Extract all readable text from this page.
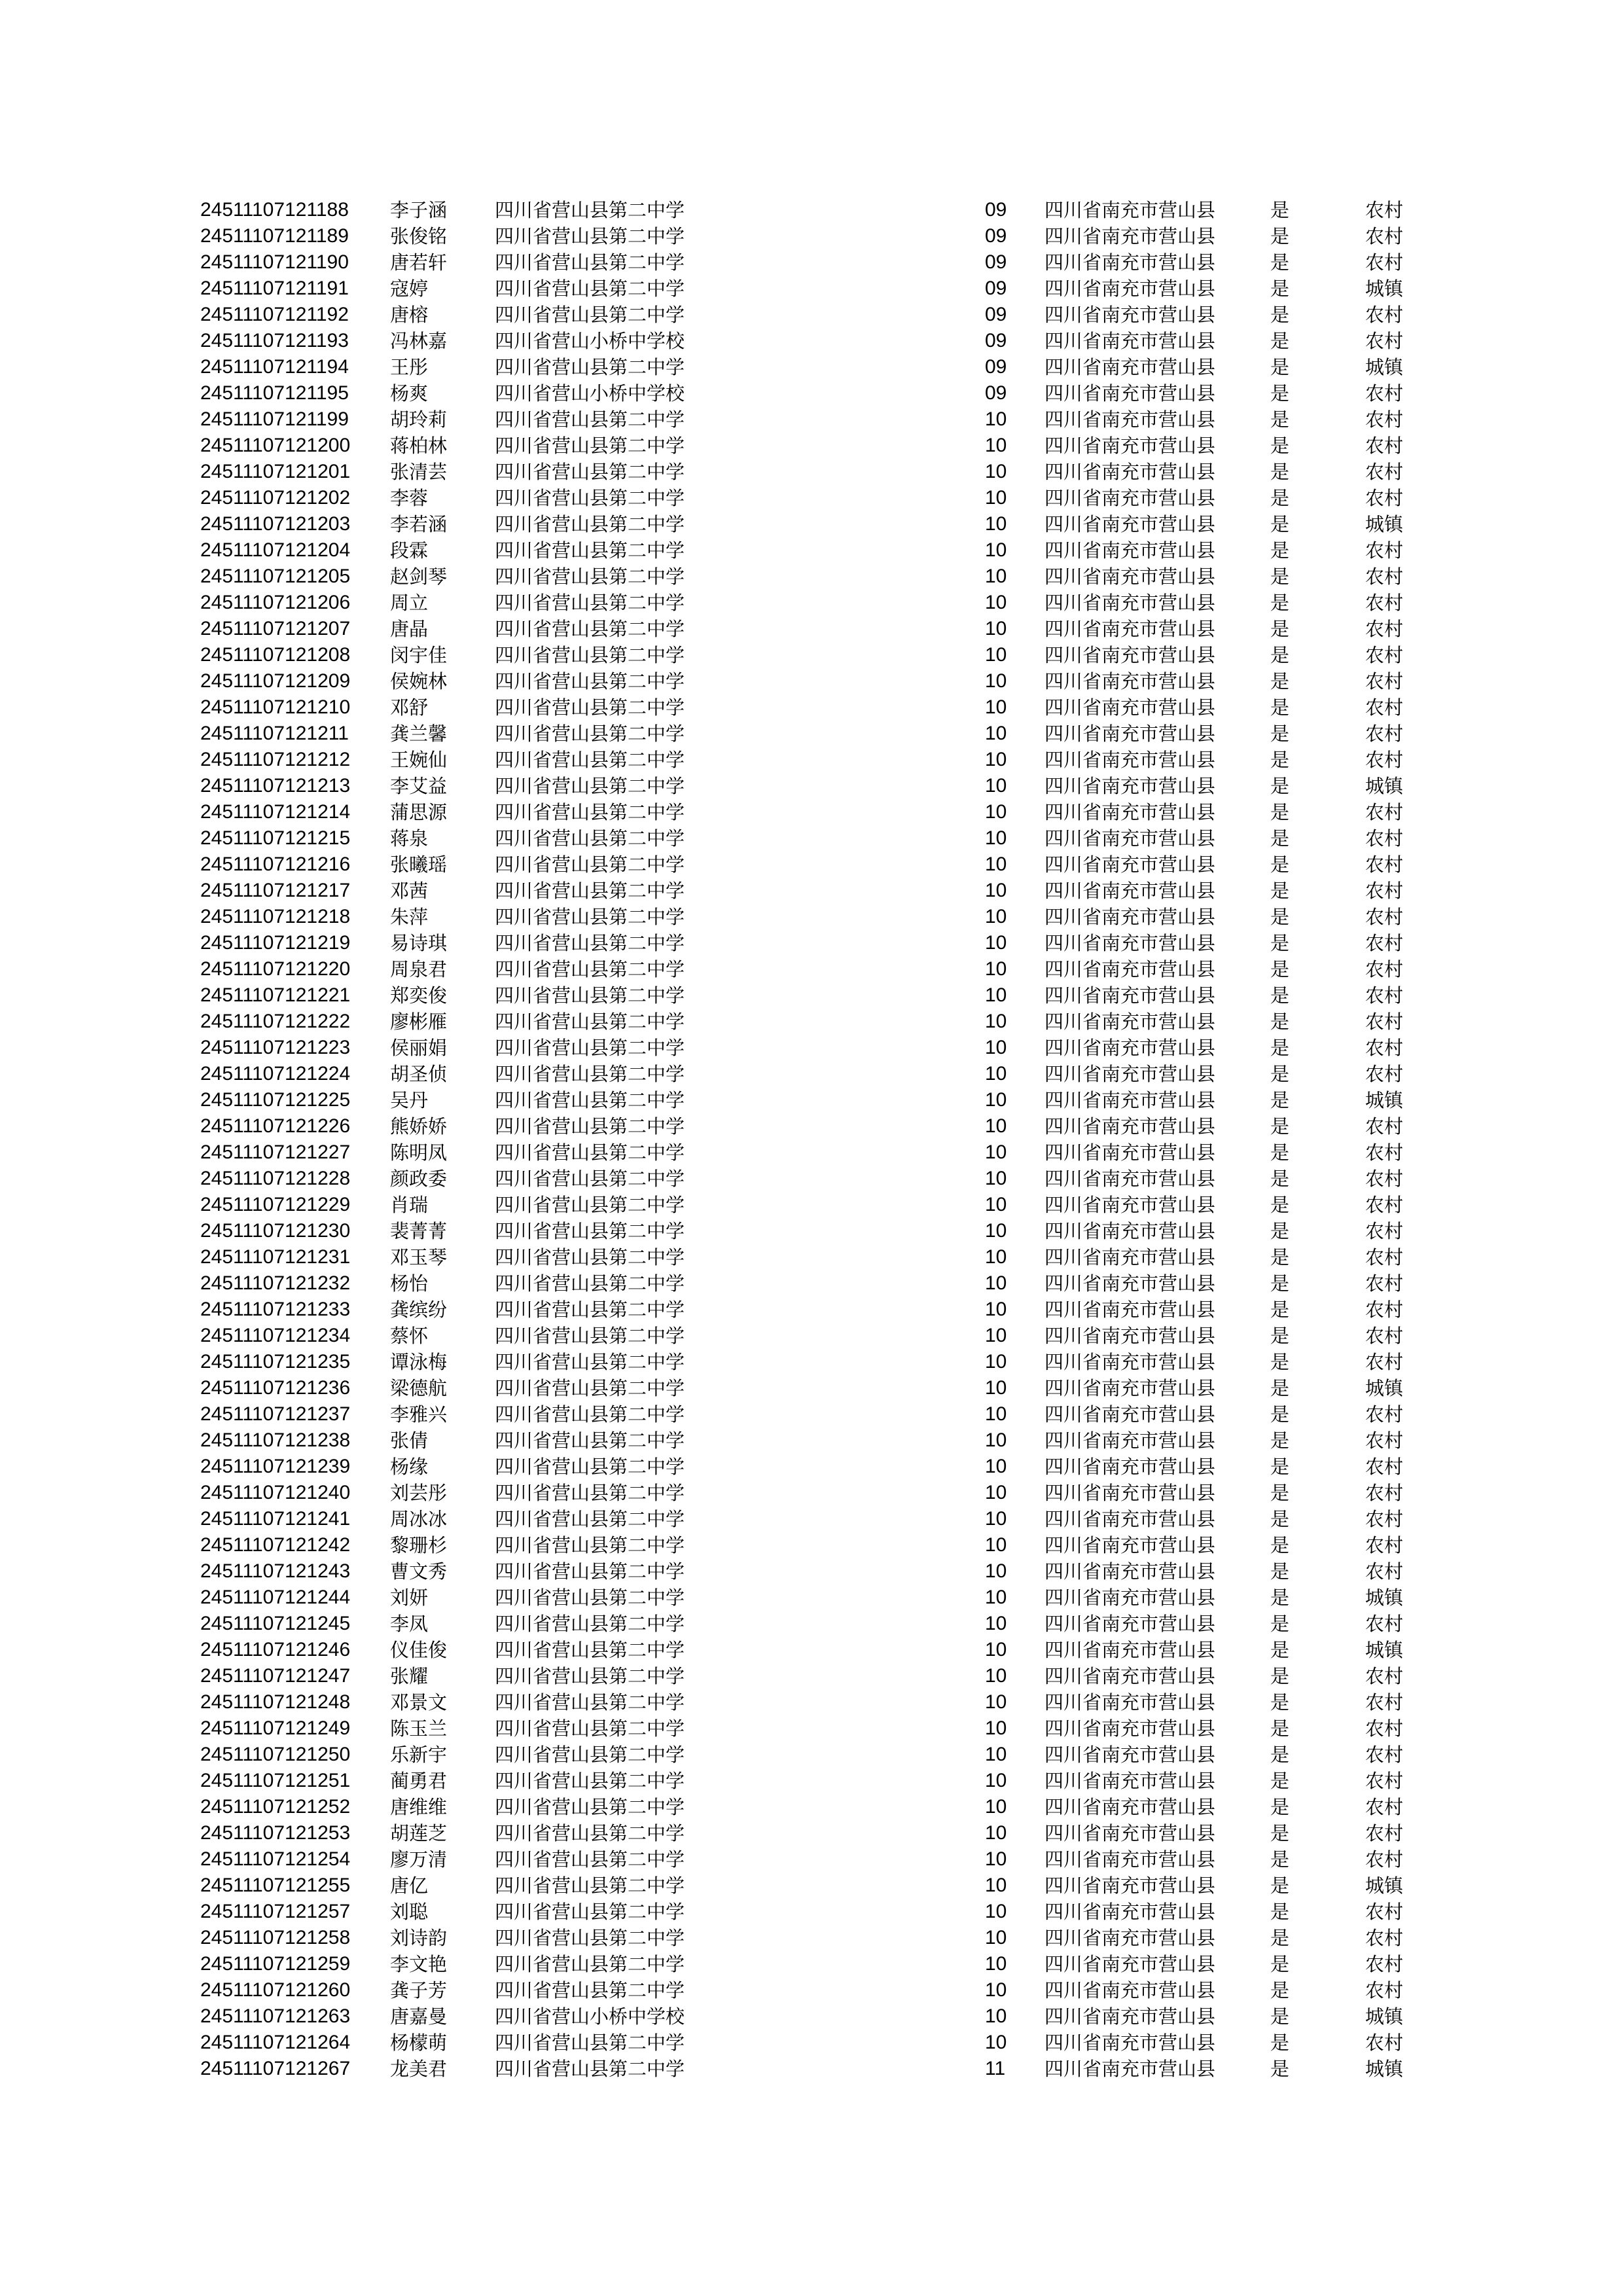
24511107121188 李子涵	四川省营山县第二中学	09 四川省南充市营山县	是	农村
24511107121189 张俊铭	四川省营山县第二中学	09 四川省南充市营山县	是	农村
24511107121190 唐若轩	四川省营山县第二中学	09 四川省南充市营山县	是	农村
24511107121191 寇婷	四川省营山县第二中学	09 四川省南充市营山县	是	城镇
24511107121192 唐榕	四川省营山县第二中学	09 四川省南充市营山县	是	农村
24511107121193 冯林嘉	四川省营山小桥中学校	09 四川省南充市营山县	是	农村
24511107121194 王彤	四川省营山县第二中学	09 四川省南充市营山县	是	城镇
24511107121195 杨爽	四川省营山小桥中学校	09 四川省南充市营山县	是	农村
24511107121199 胡玲莉	四川省营山县第二中学	10 四川省南充市营山县	是	农村
24511107121200 蒋柏林	四川省营山县第二中学	10 四川省南充市营山县	是	农村
24511107121201 张清芸	四川省营山县第二中学	10 四川省南充市营山县	是	农村
24511107121202 李蓉	四川省营山县第二中学	10 四川省南充市营山县	是	农村
24511107121203 李若涵	四川省营山县第二中学	10 四川省南充市营山县	是	城镇
24511107121204 段霖	四川省营山县第二中学	10 四川省南充市营山县	是	农村
24511107121205 赵剑琴	四川省营山县第二中学	10 四川省南充市营山县	是	农村
24511107121206 周立	四川省营山县第二中学	10 四川省南充市营山县	是	农村
24511107121207 唐晶	四川省营山县第二中学	10 四川省南充市营山县	是	农村
24511107121208 闵宇佳	四川省营山县第二中学	10 四川省南充市营山县	是	农村
24511107121209 侯婉林	四川省营山县第二中学	10 四川省南充市营山县	是	农村
24511107121210 邓舒	四川省营山县第二中学	10 四川省南充市营山县	是	农村
24511107121211 龚兰馨	四川省营山县第二中学	10 四川省南充市营山县	是	农村
24511107121212 王婉仙	四川省营山县第二中学	10 四川省南充市营山县	是	农村
24511107121213 李艾益	四川省营山县第二中学	10 四川省南充市营山县	是	城镇
24511107121214 蒲思源	四川省营山县第二中学	10 四川省南充市营山县	是	农村
24511107121215 蒋泉	四川省营山县第二中学	10 四川省南充市营山县	是	农村
24511107121216 张曦瑶	四川省营山县第二中学	10 四川省南充市营山县	是	农村
24511107121217 邓茜	四川省营山县第二中学	10 四川省南充市营山县	是	农村
24511107121218 朱萍	四川省营山县第二中学	10 四川省南充市营山县	是	农村
24511107121219 易诗琪	四川省营山县第二中学	10 四川省南充市营山县	是	农村
24511107121220 周泉君	四川省营山县第二中学	10 四川省南充市营山县	是	农村
24511107121221 郑奕俊	四川省营山县第二中学	10 四川省南充市营山县	是	农村
24511107121222 廖彬雁	四川省营山县第二中学	10 四川省南充市营山县	是	农村
24511107121223 侯丽娟	四川省营山县第二中学	10 四川省南充市营山县	是	农村
24511107121224 胡圣侦	四川省营山县第二中学	10 四川省南充市营山县	是	农村
24511107121225 吴丹	四川省营山县第二中学	10 四川省南充市营山县	是	城镇
24511107121226 熊娇娇	四川省营山县第二中学	10 四川省南充市营山县	是	农村
24511107121227 陈明凤	四川省营山县第二中学	10 四川省南充市营山县	是	农村
24511107121228 颜政委	四川省营山县第二中学	10 四川省南充市营山县	是	农村
24511107121229 肖瑞	四川省营山县第二中学	10 四川省南充市营山县	是	农村
24511107121230 裴菁菁	四川省营山县第二中学	10 四川省南充市营山县	是	农村
24511107121231 邓玉琴	四川省营山县第二中学	10 四川省南充市营山县	是	农村
24511107121232 杨怡	四川省营山县第二中学	10 四川省南充市营山县	是	农村
24511107121233 龚缤纷	四川省营山县第二中学	10 四川省南充市营山县	是	农村
24511107121234 蔡怀	四川省营山县第二中学	10 四川省南充市营山县	是	农村
24511107121235 谭泳梅	四川省营山县第二中学	10 四川省南充市营山县	是	农村
24511107121236 梁德航	四川省营山县第二中学	10 四川省南充市营山县	是	城镇
24511107121237 李雅兴	四川省营山县第二中学	10 四川省南充市营山县	是	农村
24511107121238 张倩	四川省营山县第二中学	10 四川省南充市营山县	是	农村
24511107121239 杨缘	四川省营山县第二中学	10 四川省南充市营山县	是	农村
24511107121240 刘芸彤	四川省营山县第二中学	10 四川省南充市营山县	是	农村
24511107121241 周冰冰	四川省营山县第二中学	10 四川省南充市营山县	是	农村
24511107121242 黎珊杉	四川省营山县第二中学	10 四川省南充市营山县	是	农村
24511107121243 曹文秀	四川省营山县第二中学	10 四川省南充市营山县	是	农村
24511107121244 刘妍	四川省营山县第二中学	10 四川省南充市营山县	是	城镇
24511107121245 李凤	四川省营山县第二中学	10 四川省南充市营山县	是	农村
24511107121246 仪佳俊	四川省营山县第二中学	10 四川省南充市营山县	是	城镇
24511107121247 张耀	四川省营山县第二中学	10 四川省南充市营山县	是	农村
24511107121248 邓景文	四川省营山县第二中学	10 四川省南充市营山县	是	农村
24511107121249 陈玉兰	四川省营山县第二中学	10 四川省南充市营山县	是	农村
24511107121250 乐新宇	四川省营山县第二中学	10 四川省南充市营山县	是	农村
24511107121251 蔺勇君	四川省营山县第二中学	10 四川省南充市营山县	是	农村
24511107121252 唐维维	四川省营山县第二中学	10 四川省南充市营山县	是	农村
24511107121253 胡莲芝	四川省营山县第二中学	10 四川省南充市营山县	是	农村
24511107121254 廖万清	四川省营山县第二中学	10 四川省南充市营山县	是	农村
24511107121255 唐亿	四川省营山县第二中学	10 四川省南充市营山县	是	城镇
24511107121257 刘聪	四川省营山县第二中学	10 四川省南充市营山县	是	农村
24511107121258 刘诗韵	四川省营山县第二中学	10 四川省南充市营山县	是	农村
24511107121259 李文艳	四川省营山县第二中学	10 四川省南充市营山县	是	农村
24511107121260 龚子芳	四川省营山县第二中学	10 四川省南充市营山县	是	农村
24511107121263 唐嘉曼	四川省营山小桥中学校	10 四川省南充市营山县	是	城镇
24511107121264 杨檬萌	四川省营山县第二中学	10 四川省南充市营山县	是	农村
24511107121267 龙美君	四川省营山县第二中学	11 四川省南充市营山县	是	城镇
